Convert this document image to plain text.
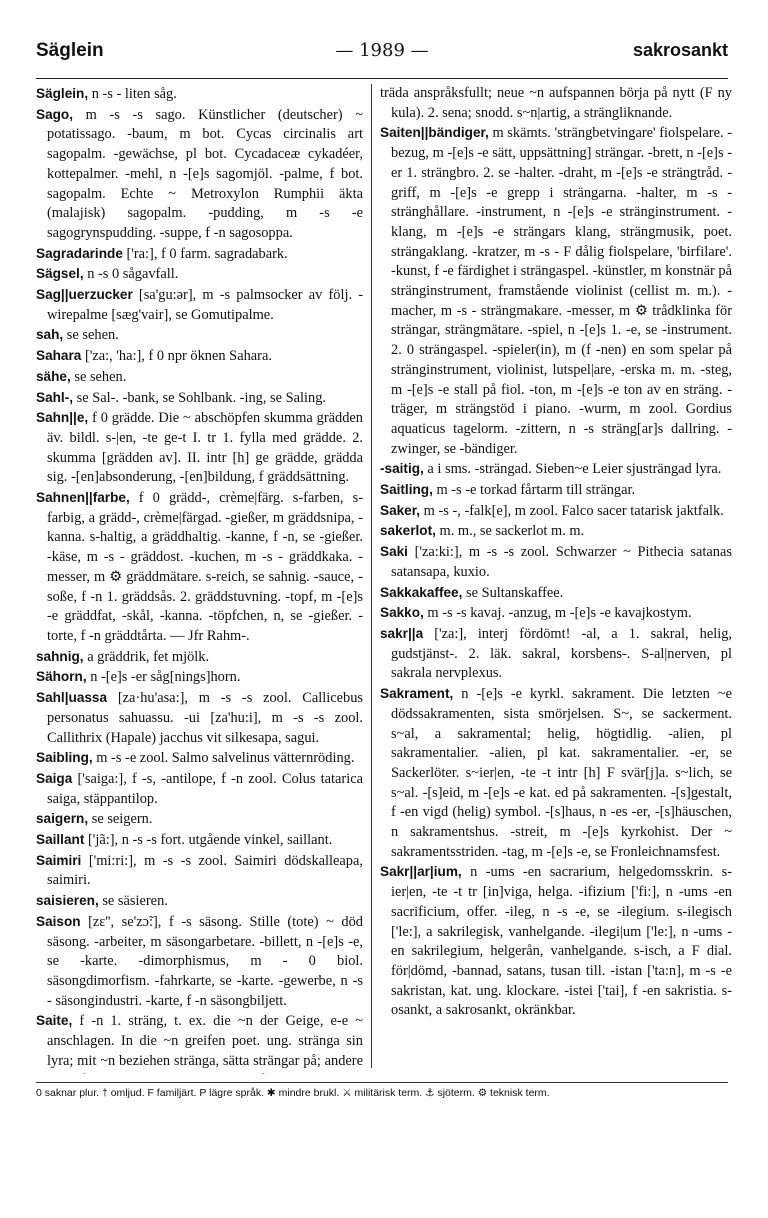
Säglein	— 1989 —	sakrosankt

Säglein, n -s - liten såg.

Sago, m -s -s sago. Künstlicher (deutscher) ~ potatissago. -baum, m bot. Cycas circinalis art sagopalm. -gewächse, pl bot. Cycadaceæ cykadéer, kottepalmer. -mehl, n -[e]s sagomjöl. -palme, f bot. sagopalm. Echte ~ Metroxylon Rumphii äkta (malajisk) sagopalm. -pudding, m -s -e sagogrynspudding. -suppe, f -n sagosoppa.

Sagradarinde ['ra:], f 0 farm. sagradabark.

Sägsel, n -s 0 sågavfall.

Sag||uerzucker [sa'gu:ər], m -s palmsocker av följ. -wirepalme [sæg'vair], se Gomutipalme.

sah, se sehen.

Sahara ['za:, 'ha:], f 0 npr öknen Sahara.

sähe, se sehen.

Sahl-, se Sal-. -bank, se Sohlbank. -ing, se Saling.

Sahn||e, f 0 grädde. Die ~ abschöpfen skumma grädden äv. bildl. s-|en, -te ge-t I. tr 1. fylla med grädde. 2. skumma [grädden av]. II. intr [h] ge grädde, grädda sig. -[en]absonderung, -[en]bildung, f gräddsättning.

Sahnen||farbe, f 0 grädd-, crème|färg. s-farben, s-farbig, a grädd-, crème|färgad. -gießer, m gräddsnipa, -kanna. s-haltig, a gräddhaltig. -kanne, f -n, se -gießer. -käse, m -s - gräddost. -kuchen, m -s - gräddkaka. -messer, m ⚙ gräddmätare. s-reich, se sahnig. -sauce, -soße, f -n 1. gräddsås. 2. gräddstuvning. -topf, m -[e]s -e gräddfat, -skål, -kanna. -töpfchen, n, se -gießer. -torte, f -n gräddtårta. — Jfr Rahm-.

sahnig, a gräddrik, fet mjölk.

Sähorn, n -[e]s -er såg[nings]horn.

Sahl|uassa [za·hu'asa:], m -s -s zool. Callicebus personatus sahuassu. -ui [za'hu:i], m -s -s zool. Callithrix (Hapale) jacchus vit silkesapa, sagui.

Saibling, m -s -e zool. Salmo salvelinus vätternröding.

Saiga ['saiga:], f -s, -antilope, f -n zool. Colus tatarica saiga, stäppantilop.

saigern, se seigern.

Saillant ['jã:], n -s -s fort. utgående vinkel, saillant.

Saimiri ['mi:ri:], m -s -s zool. Saimiri dödskalleapa, saimiri.

saisieren, se säsieren.

Saison [zɛ'', se'zɔ̃:], f -s säsong. Stille (tote) ~ död säsong. -arbeiter, m säsongarbetare. -billett, n -[e]s -e, se -karte. -dimorphismus, m - 0 biol. säsongdimorfism. -fahrkarte, se -karte. -gewerbe, n -s - säsongindustri. -karte, f -n säsongbiljett.

Saite, f -n 1. sträng, t. ex. die ~n der Geige, e-e ~ anschlagen. In die ~n greifen poet. ung. stränga sin lyra; mit ~n beziehen stränga, sätta strängar på; andere

träda anspråksfullt; neue ~n aufspannen börja på nytt (F ny kula). 2. sena; snodd. s~n|artig, a strängliknande.

Saiten||bändiger, m skämts. 'strängbetvingare' fiolspelare. -bezug, m -[e]s -e sätt, uppsättning] strängar. -brett, n -[e]s -er 1. strängbro. 2. se -halter. -draht, m -[e]s -e strängtråd. -griff, m -[e]s -e grepp i strängarna. -halter, m -s - stränghållare. -instrument, n -[e]s -e stränginstrument. -klang, m -[e]s -e strängars klang, strängmusik, poet. strängaklang. -kratzer, m -s - F dålig fiolspelare, 'birfilare'. -kunst, f -e färdighet i strängaspel. -künstler, m konstnär på stränginstrument, framstående violinist (cellist m. m.). -macher, m -s - strängmakare. -messer, m ⚙ trådklinka för strängar, strängmätare. -spiel, n -[e]s 1. -e, se -instrument. 2. 0 strängaspel. -spieler(in), m (f -nen) en som spelar på stränginstrument, violinist, lutspel|are, -erska m. m. -steg, m -[e]s -e stall på fiol. -ton, m -[e]s -e ton av en sträng. -träger, m strängstöd i piano. -wurm, m zool. Gordius aquaticus tagelorm. -zittern, n -s sträng[ar]s dallring. -zwinger, se -bändiger.

-saitig, a i sms. -strängad. Sieben~e Leier sjusträngad lyra.

Saitling, m -s -e torkad fårtarm till strängar.

Saker, m -s -, -falk[e], m zool. Falco sacer tatarisk jaktfalk.

sakerlot, m. m., se sackerlot m. m.

Saki ['za:ki:], m -s -s zool. Schwarzer ~ Pithecia satanas satansapa, kuxio.

Sakkakaffee, se Sultanskaffee.

Sakko, m -s -s kavaj. -anzug, m -[e]s -e kavajkostym.

sakr||a ['za:], interj fördömt! -al, a 1. sakral, helig, gudstjänst-. 2. läk. sakral, korsbens-. S-al|nerven, pl sakrala nervplexus.

Sakrament, n -[e]s -e kyrkl. sakrament. Die letzten ~e dödssakramenten, sista smörjelsen. S~, se sackerment. s~al, a sakramental; helig, högtidlig. -alien, pl sakramentalier. -alien, pl kat. sakramentalier. -er, se Sackerlöter. s~ier|en, -te -t intr [h] F svär[j]a. s~lich, se s~al. -[s]eid, m -[e]s -e kat. ed på sakramenten. -[s]gestalt, f -en vigd (helig) symbol. -[s]haus, n -es -er, -[s]häuschen, n sakramentshus. -streit, m -[e]s kyrkohist. Der ~ sakramentsstriden. -tag, m -[e]s -e, se Fronleichnamsfest.

Sakr||ar|ium, n -ums -en sacrarium, helgedomsskrin. s-ier|en, -te -t tr [in]viga, helga. -ifizium ['fi:], n -ums -en sacrificium, offer. -ileg, n -s -e, se -ilegium. s-ilegisch ['le:], a sakrilegisk, vanhelgande. -ilegi|um ['le:], n -ums -en sakrilegium, helgerån, vanhelgande. s-isch, a F dial. för|dömd, -bannad, satans, tusan till. -istan ['ta:n], m -s -e sakristan, kat. ung. klockare. -istei ['tai], f -en sakristia. s-osankt, a sakrosankt, okränkbar.

0 saknar plur. † omljud. F familjärt. P lägre språk. ✱ mindre brukl. ⚔ militärisk term. ⚓ sjöterm. ⚙ teknisk term.
